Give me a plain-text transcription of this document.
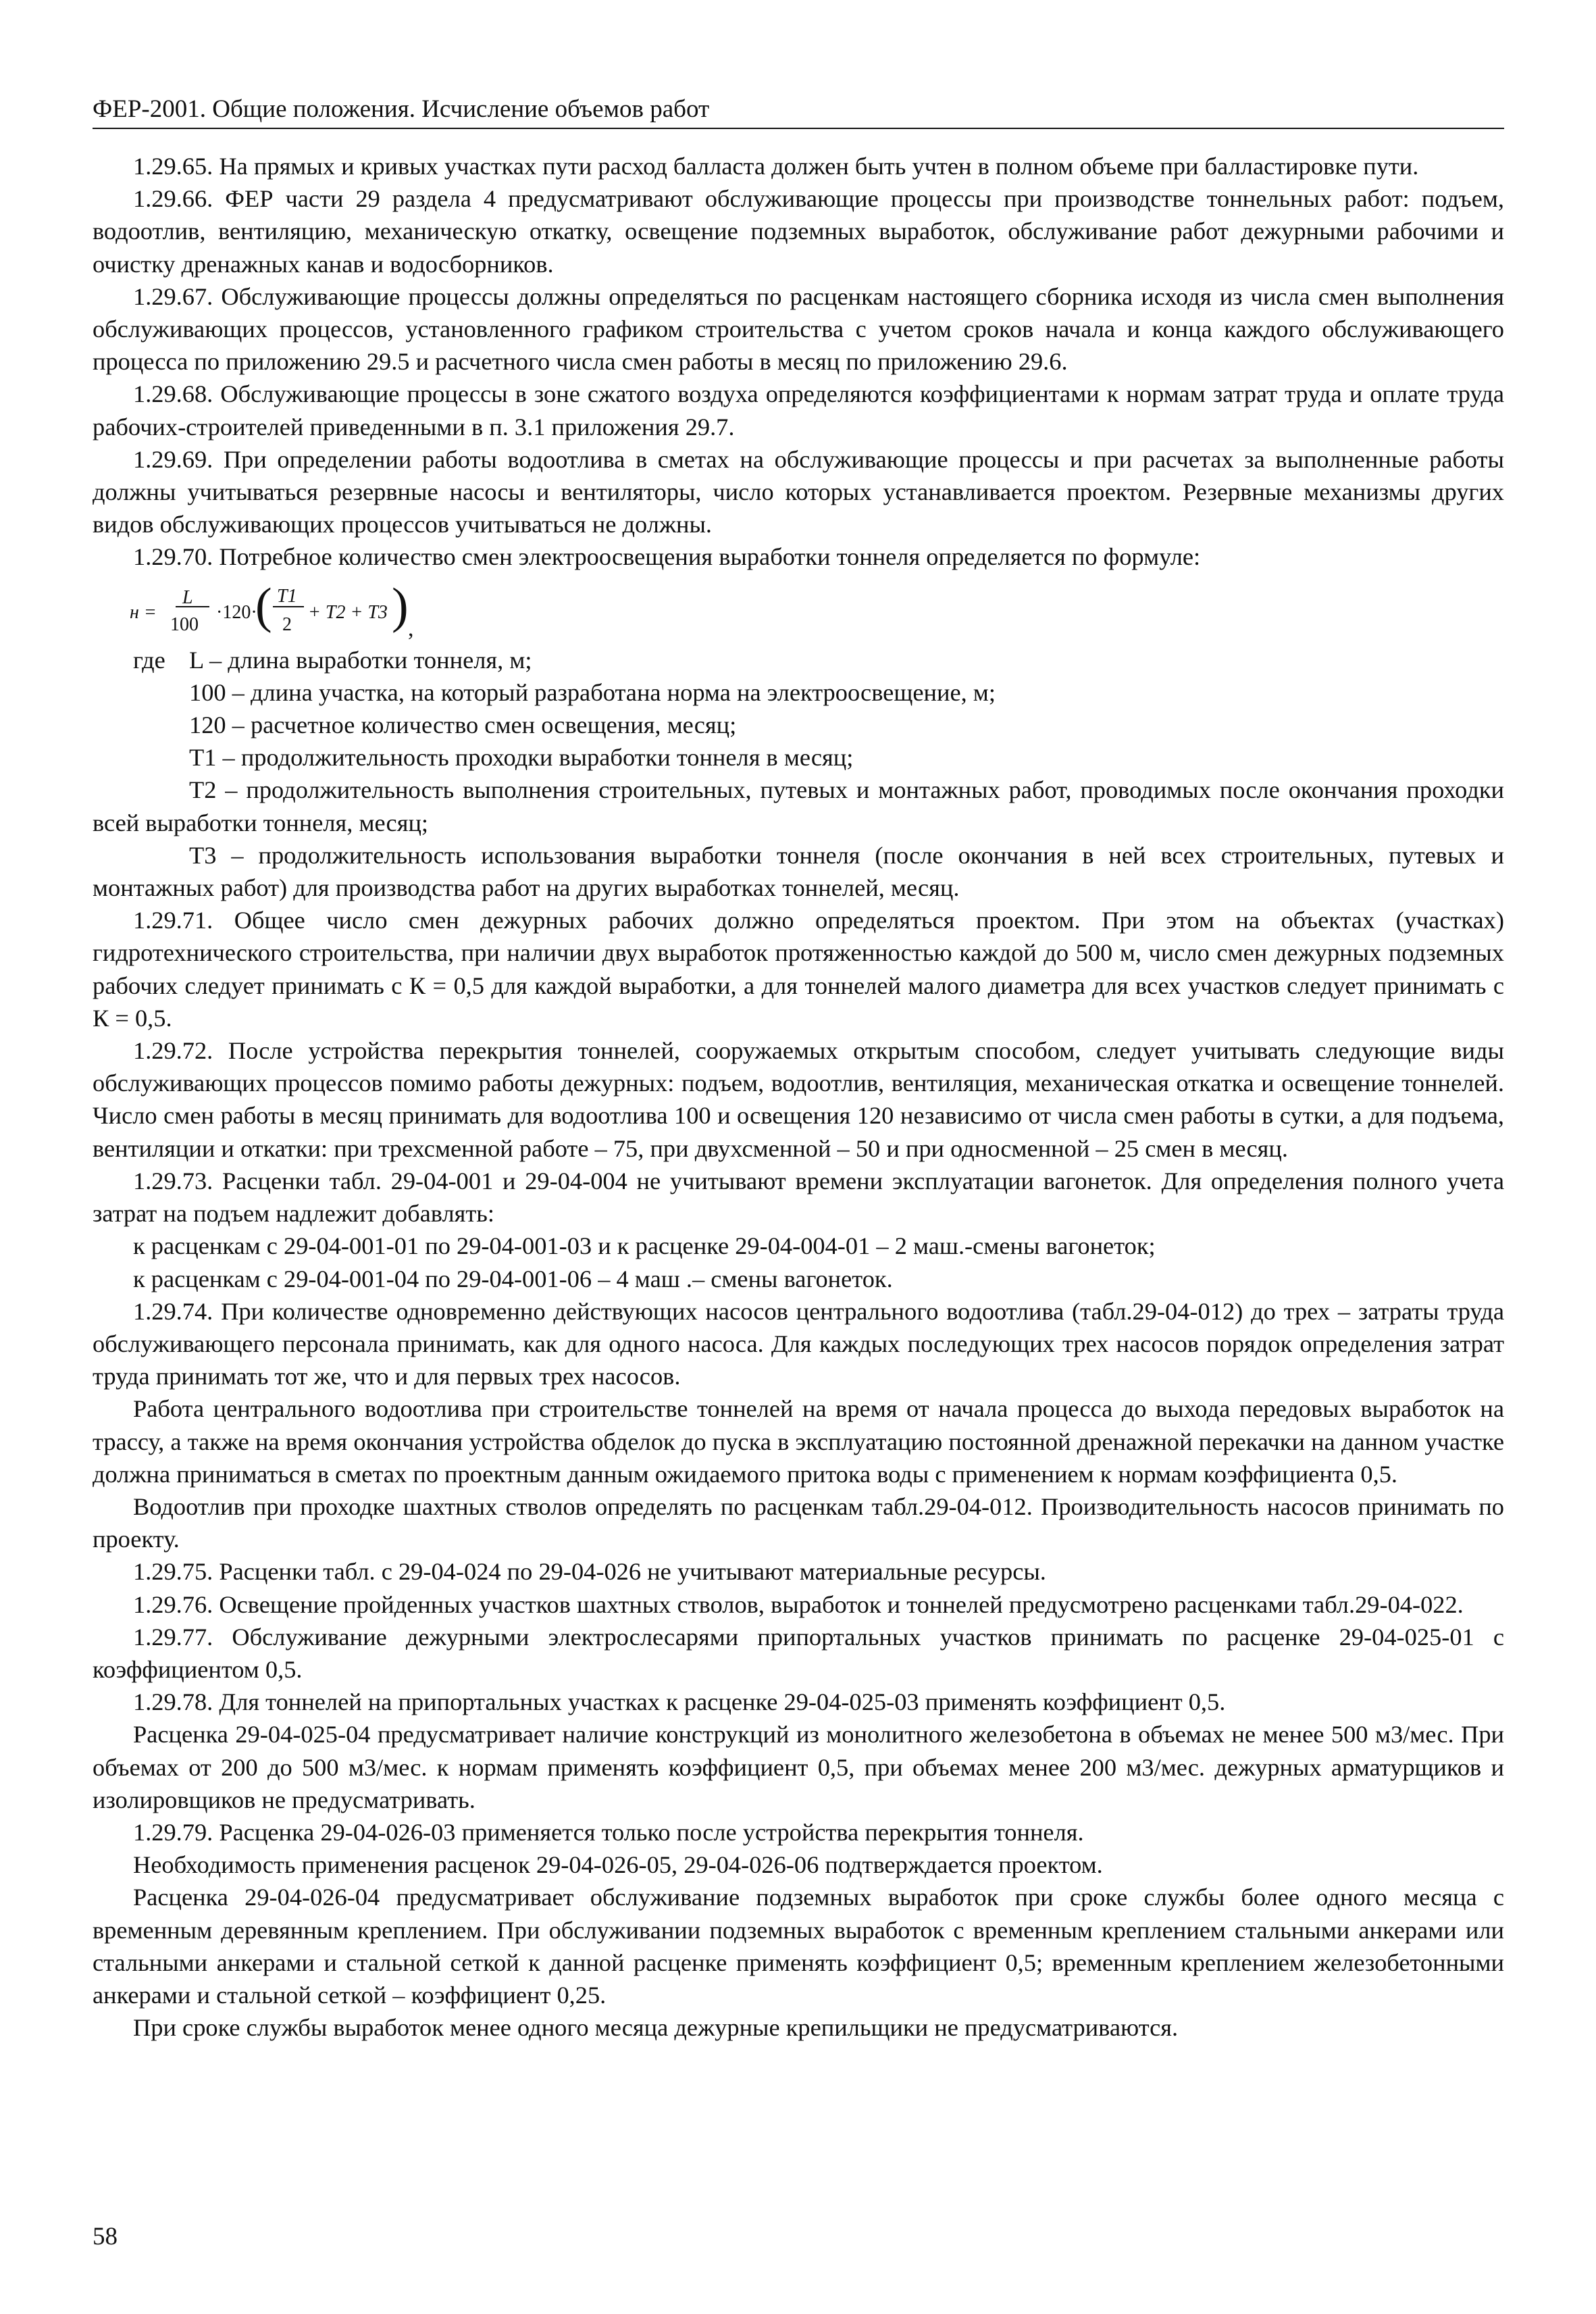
ФЕР-2001. Общие положения. Исчисление объемов работ

1.29.65. На прямых и кривых участках пути расход балласта должен быть учтен в полном объеме при балластировке пути.

1.29.66. ФЕР части 29 раздела 4 предусматривают обслуживающие процессы при производстве тоннельных работ: подъем, водоотлив, вентиляцию, механическую откатку, освещение подземных выработок, обслуживание работ дежурными рабочими и очистку дренажных канав и водосборников.

1.29.67. Обслуживающие процессы должны определяться по расценкам настоящего сборника исходя из числа смен выполнения обслуживающих процессов, установленного графиком строительства с учетом сроков начала и конца каждого обслуживающего процесса по приложению 29.5 и расчетного числа смен работы в месяц по приложению 29.6.

1.29.68. Обслуживающие процессы в зоне сжатого воздуха определяются коэффициентами к нормам затрат труда и оплате труда рабочих-строителей приведенными в п. 3.1 приложения 29.7.

1.29.69. При определении работы водоотлива в сметах на обслуживающие процессы и при расчетах за выполненные работы должны учитываться резервные насосы и вентиляторы, число которых устанавливается проектом. Резервные механизмы других видов обслуживающих процессов учитываться не должны.

1.29.70. Потребное количество смен электроосвещения выработки тоннеля определяется по формуле:

н =
L
100
·120·
( T1
2
+ T2 + T3 ) ,
где L – длина выработки тоннеля, м;

100 – длина участка, на который разработана норма на электроосвещение, м;

120 – расчетное количество смен освещения, месяц;

T1 – продолжительность проходки выработки тоннеля в месяц;

T2 – продолжительность выполнения строительных, путевых и монтажных работ, проводимых после окончания проходки всей выработки тоннеля, месяц;

T3 – продолжительность использования выработки тоннеля (после окончания в ней всех строительных, путевых и монтажных работ) для производства работ на других выработках тоннелей, месяц.

1.29.71. Общее число смен дежурных рабочих должно определяться проектом. При этом на объектах (участках) гидротехнического строительства, при наличии двух выработок протяженностью каждой до 500 м, число смен дежурных подземных рабочих следует принимать с К = 0,5 для каждой выработки, а для тоннелей малого диаметра для всех участков следует принимать с К = 0,5.

1.29.72. После устройства перекрытия тоннелей, сооружаемых открытым способом, следует учитывать следующие виды обслуживающих процессов помимо работы дежурных: подъем, водоотлив, вентиляция, механическая откатка и освещение тоннелей. Число смен работы в месяц принимать для водоотлива 100 и освещения 120 независимо от числа смен работы в сутки, а для подъема, вентиляции и откатки: при трехсменной работе – 75, при двухсменной – 50 и при односменной – 25 смен в месяц.

1.29.73. Расценки табл. 29-04-001 и 29-04-004 не учитывают времени эксплуатации вагонеток. Для определения полного учета затрат на подъем надлежит добавлять:

к расценкам с 29-04-001-01 по 29-04-001-03 и к расценке 29-04-004-01 – 2 маш.-смены вагонеток;

к расценкам с 29-04-001-04 по 29-04-001-06 – 4 маш .– смены вагонеток.

1.29.74. При количестве одновременно действующих насосов центрального водоотлива (табл.29-04-012) до трех – затраты труда обслуживающего персонала принимать, как для одного насоса. Для каждых последующих трех насосов порядок определения затрат труда принимать тот же, что и для первых трех насосов.

Работа центрального водоотлива при строительстве тоннелей на время от начала процесса до выхода передовых выработок на трассу, а также на время окончания устройства обделок до пуска в эксплуатацию постоянной дренажной перекачки на данном участке должна приниматься в сметах по проектным данным ожидаемого притока воды с применением к нормам коэффициента 0,5.

Водоотлив при проходке шахтных стволов определять по расценкам табл.29-04-012. Производительность насосов принимать по проекту.

1.29.75. Расценки табл. с 29-04-024 по 29-04-026 не учитывают материальные ресурсы.

1.29.76. Освещение пройденных участков шахтных стволов, выработок и тоннелей предусмотрено расценками табл.29-04-022.

1.29.77. Обслуживание дежурными электрослесарями припортальных участков принимать по расценке 29-04-025-01 с коэффициентом 0,5.

1.29.78. Для тоннелей на припортальных участках к расценке 29-04-025-03 применять коэффициент 0,5.

Расценка 29-04-025-04 предусматривает наличие конструкций из монолитного железобетона в объемах не менее 500 м3/мес. При объемах от 200 до 500 м3/мес. к нормам применять коэффициент 0,5, при объемах менее 200 м3/мес. дежурных арматурщиков и изолировщиков не предусматривать.

1.29.79. Расценка 29-04-026-03 применяется только после устройства перекрытия тоннеля.

Необходимость применения расценок 29-04-026-05, 29-04-026-06 подтверждается проектом.

Расценка 29-04-026-04 предусматривает обслуживание подземных выработок при сроке службы более одного месяца с временным деревянным креплением. При обслуживании подземных выработок с временным креплением стальными анкерами или стальными анкерами и стальной сеткой к данной расценке применять коэффициент 0,5; временным креплением железобетонными анкерами и стальной сеткой – коэффициент 0,25.

При сроке службы выработок менее одного месяца дежурные крепильщики не предусматриваются.

58
